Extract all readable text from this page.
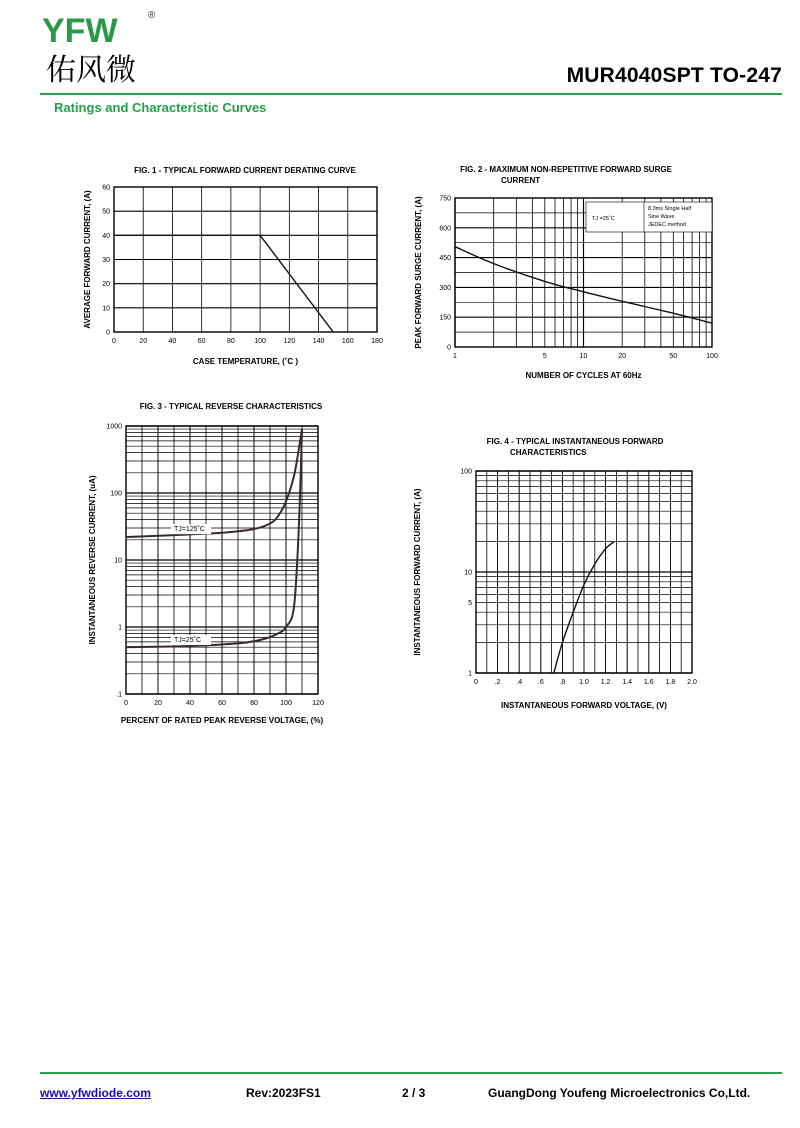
YFW	®
佑风微	MUR4040SPT TO-247
Ratings and Characteristic Curves
FIG. 1 - TYPICAL FORWARD CURRENT DERATING CURVE
0	20	40	60	80	100	120	140	160	180
0
10
20
30
40
50
60
CASE TEMPERATURE, (˚C )
AVERAGE FORWARD CURRENT, (A)
FIG. 2 - MAXIMUM NON-REPETITIVE FORWARD SURGE
CURRENT
1	5	10	20	50	100
0
150
300
450
600
750
NUMBER OF CYCLES AT 60Hz
PEAK FORWARD SURGE CURRENT, (A)	TJ =25˚C
8.3ms Single Half
Sine Wave
JEDEC method
FIG. 3 - TYPICAL REVERSE CHARACTERISTICS
0	20	40	60	80	100	120
.1
1
10
100
1000
PERCENT OF RATED PEAK REVERSE VOLTAGE, (%)
INSTANTANEOUS REVERSE CURRENT, (uA)	TJ=125˚C
TJ=25˚C
FIG. 4 - TYPICAL INSTANTANEOUS FORWARD
CHARACTERISTICS
0 .2 .4 .6 .8 1.0 1.2 1.4 1.6 1.8 2.0
1
5
10
100
INSTANTANEOUS FORWARD VOLTAGE, (V)
INSTANTANEOUS FORWARD CURRENT, (A)
www.yfwdiode.com	Rev:2023FS1	2 / 3	GuangDong Youfeng Microelectronics Co,Ltd.
